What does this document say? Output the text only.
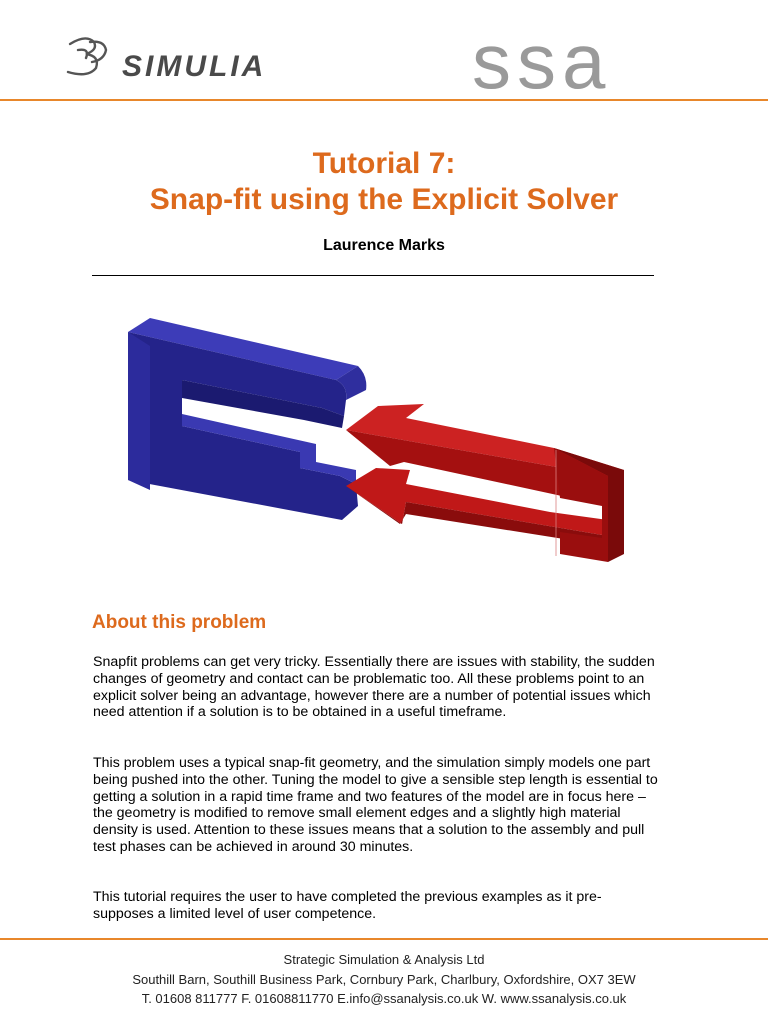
SIMULIA	ssa
Tutorial 7:
Snap-fit using the Explicit Solver
Laurence Marks
About this problem

Snapfit problems can get very tricky. Essentially there are issues with stability, the sudden changes of geometry and contact can be problematic too. All these problems point to an explicit solver being an advantage, however there are a number of potential issues which need attention if a solution is to be obtained in a useful timeframe.

This problem uses a typical snap-fit geometry, and the simulation simply models one part being pushed into the other. Tuning the model to give a sensible step length is essential to getting a solution in a rapid time frame and two features of the model are in focus here – the geometry is modified to remove small element edges and a slightly high material density is used. Attention to these issues means that a solution to the assembly and pull test phases can be achieved in around 30 minutes.

This tutorial requires the user to have completed the previous examples as it pre-supposes a limited level of user competence.

Strategic Simulation & Analysis Ltd
Southill Barn, Southill Business Park, Cornbury Park, Charlbury, Oxfordshire, OX7 3EW
T. 01608 811777 F. 01608811770 E.info@ssanalysis.co.uk W. www.ssanalysis.co.uk
